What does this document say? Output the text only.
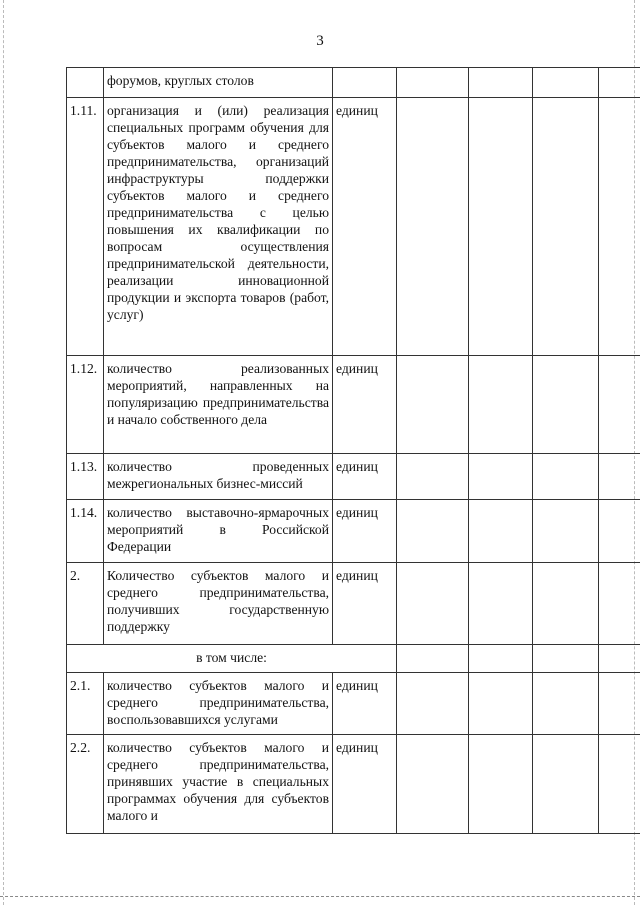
3
	форумов, круглых столов					
1.11.	организация и (или) реализация специальных программ обучения для субъектов малого и среднего предпринимательства, организаций инфраструктуры поддержки субъектов малого и среднего предпринимательства с целью повышения их квалификации по вопросам осуществления предпринимательской деятельности, реализации инновационной продукции и экспорта товаров (работ, услуг)	единиц				
1.12.	количество реализованных мероприятий, направленных на популяризацию предпринимательства и начало собственного дела	единиц				
1.13.	количество проведенных межрегиональных бизнес-миссий	единиц				
1.14.	количество выставочно-ярмарочных мероприятий в Российской Федерации	единиц				
2.	Количество субъектов малого и среднего предпринимательства, получивших государственную поддержку	единиц				
в том числе:						
2.1.	количество субъектов малого и среднего предпринимательства, воспользовавшихся услугами	единиц				
2.2.	количество субъектов малого и среднего предпринимательства, принявших участие в специальных программах обучения для субъектов малого и	единиц				
